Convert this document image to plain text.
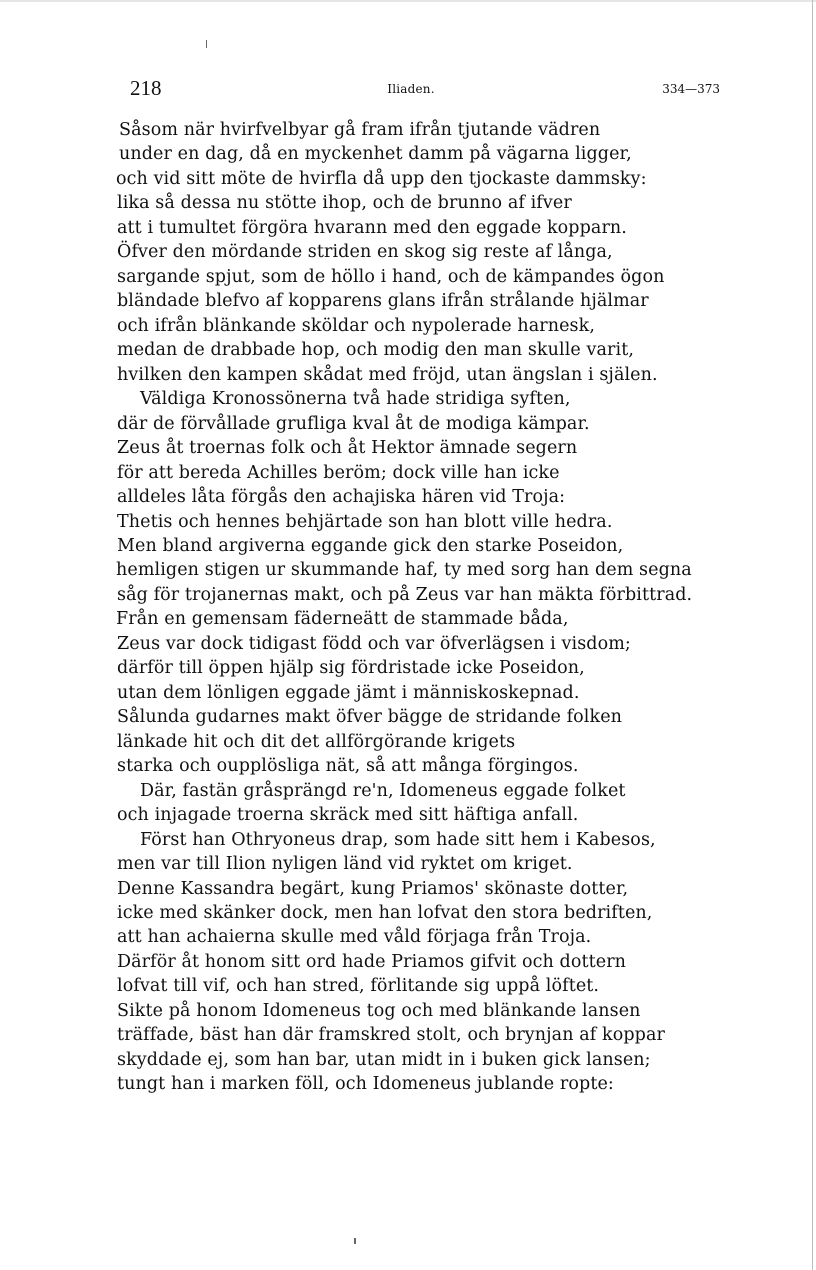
218	Iliaden.	334—373
Såsom när hvirfvelbyar gå fram ifrån tjutande vädren
under en dag, då en myckenhet damm på vägarna ligger,
och vid sitt möte de hvirfla då upp den tjockaste dammsky:
lika så dessa nu stötte ihop, och de brunno af ifver
att i tumultet förgöra hvarann med den eggade kopparn.
Öfver den mördande striden en skog sig reste af långa,
sargande spjut, som de höllo i hand, och de kämpandes ögon
bländade blefvo af kopparens glans ifrån strålande hjälmar
och ifrån blänkande sköldar och nypolerade harnesk,
medan de drabbade hop, och modig den man skulle varit,
hvilken den kampen skådat med fröjd, utan ängslan i själen.
Väldiga Kronossönerna två hade stridiga syften,
där de förvållade grufliga kval åt de modiga kämpar.
Zeus åt troernas folk och åt Hektor ämnade segern
för att bereda Achilles beröm; dock ville han icke
alldeles låta förgås den achajiska hären vid Troja:
Thetis och hennes behjärtade son han blott ville hedra.
Men bland argiverna eggande gick den starke Poseidon,
hemligen stigen ur skummande haf, ty med sorg han dem segna
såg för trojanernas makt, och på Zeus var han mäkta förbittrad.
Från en gemensam fäderneätt de stammade båda,
Zeus var dock tidigast född och var öfverlägsen i visdom;
därför till öppen hjälp sig fördristade icke Poseidon,
utan dem lönligen eggade jämt i människoskepnad.
Sålunda gudarnes makt öfver bägge de stridande folken
länkade hit och dit det allförgörande krigets
starka och oupplösliga nät, så att många förgingos.
Där, fastän gråsprängd re'n, Idomeneus eggade folket
och injagade troerna skräck med sitt häftiga anfall.
Först han Othryoneus drap, som hade sitt hem i Kabesos,
men var till Ilion nyligen länd vid ryktet om kriget.
Denne Kassandra begärt, kung Priamos' skönaste dotter,
icke med skänker dock, men han lofvat den stora bedriften,
att han achaierna skulle med våld förjaga från Troja.
Därför åt honom sitt ord hade Priamos gifvit och dottern
lofvat till vif, och han stred, förlitande sig uppå löftet.
Sikte på honom Idomeneus tog och med blänkande lansen
träffade, bäst han där framskred stolt, och brynjan af koppar
skyddade ej, som han bar, utan midt in i buken gick lansen;
tungt han i marken föll, och Idomeneus jublande ropte:
